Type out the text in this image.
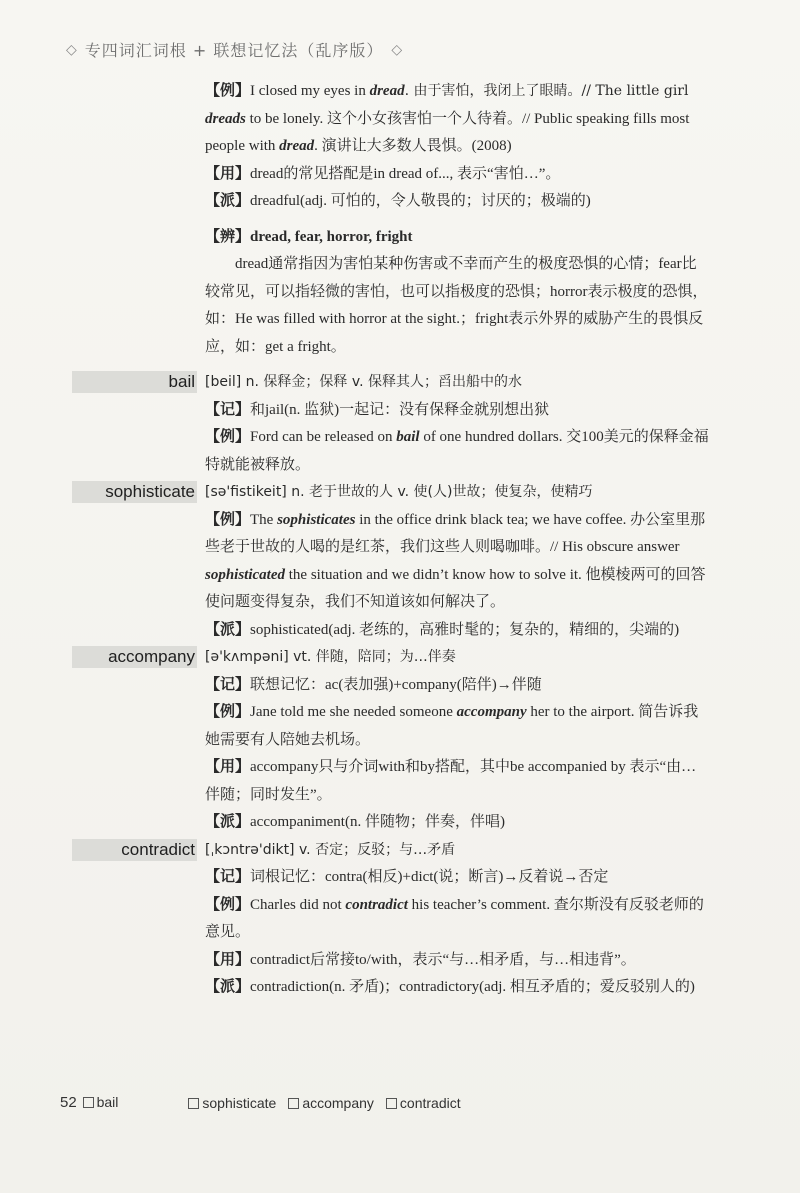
◇ 专四词汇词根 + 联想记忆法（乱序版） ◇
【例】I closed my eyes in dread. 由于害怕，我闭上了眼睛。// The little girl dreads to be lonely. 这个小女孩害怕一个人待着。// Public speaking fills most people with dread. 演讲让大多数人畏惧。(2008)
【用】dread的常见搭配是in dread of..., 表示“害怕…”。
【派】dreadful(adj. 可怕的，令人敬畏的；讨厌的；极端的)
【辨】dread, fear, horror, fright
dread通常指因为害怕某种伤害或不幸而产生的极度恐惧的心情；fear比较常见，可以指轻微的害怕，也可以指极度的恐惧；horror表示极度的恐惧，如：He was filled with horror at the sight.；fright表示外界的威胁产生的畏惧反应，如：get a fright。
bail [beil] n. 保释金；保释 v. 保释其人；舀出船中的水
【记】和jail(n. 监狱)一起记：没有保释金就别想出狱
【例】Ford can be released on bail of one hundred dollars. 交100美元的保释金福特就能被释放。
sophisticate [sə'fistikeit] n. 老于世故的人 v. 使(人)世故；使复杂，使精巧
【例】The sophisticates in the office drink black tea; we have coffee. 办公室里那些老于世故的人喝的是红茶，我们这些人则喝咖啡。// His obscure answer sophisticated the situation and we didn’t know how to solve it. 他模棱两可的回答使问题变得复杂，我们不知道该如何解决了。
【派】sophisticated(adj. 老练的，高雅时髦的；复杂的，精细的，尖端的)
accompany [ə'kʌmpəni] vt. 伴随，陪同；为…伴奏
【记】联想记忆：ac(表加强)+company(陪伴)→伴随
【例】Jane told me she needed someone accompany her to the airport. 简告诉我她需要有人陪她去机场。
【用】accompany只与介词with和by搭配，其中be accompanied by 表示“由…伴随；同时发生”。
【派】accompaniment(n. 伴随物；伴奏，伴唱)
contradict [ˌkɔntrə'dikt] v. 否定；反驳；与…矛盾
【记】词根记忆：contra(相反)+dict(说；断言)→反着说→否定
【例】Charles did not contradict his teacher’s comment. 查尔斯没有反驳老师的意见。
【用】contradict后常接to/with，表示“与…相矛盾，与…相违背”。
【派】contradiction(n. 矛盾)；contradictory(adj. 相互矛盾的；爱反驳别人的)
52 bail	sophisticate	accompany	contradict
